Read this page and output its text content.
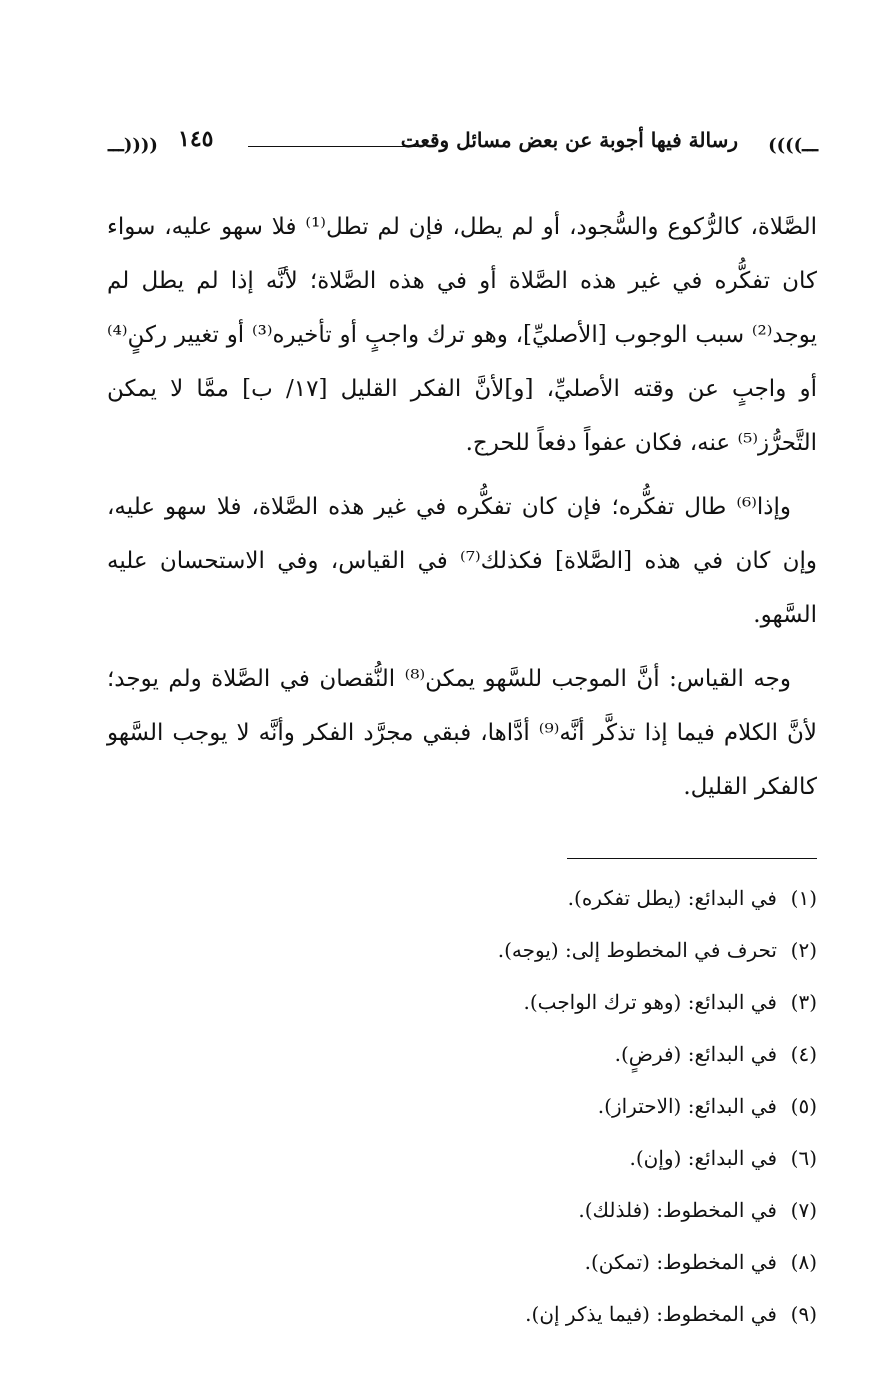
ـــ))))
رسالة فيها أجوبة عن بعض مسائل وقعت
١٤٥
((((ـــ

الصَّلاة، كالرُّكوع والسُّجود، أو لم يطل، فإن لم تطل⁽¹⁾ فلا سهو عليه، سواء كان تفكُّره في غير هذه الصَّلاة أو في هذه الصَّلاة؛ لأنَّه إذا لم يطل لم يوجد⁽²⁾ سبب الوجوب [الأصليِّ]، وهو ترك واجبٍ أو تأخيره⁽³⁾ أو تغيير ركنٍ⁽⁴⁾ أو واجبٍ عن وقته الأصليِّ، [و]لأنَّ الفكر القليل [١٧/ ب] ممَّا لا يمكن التَّحرُّز⁽⁵⁾ عنه، فكان عفواً دفعاً للحرج.

وإذا⁽⁶⁾ طال تفكُّره؛ فإن كان تفكُّره في غير هذه الصَّلاة، فلا سهو عليه، وإن كان في هذه [الصَّلاة] فكذلك⁽⁷⁾ في القياس، وفي الاستحسان عليه السَّهو.

وجه القياس: أنَّ الموجب للسَّهو يمكن⁽⁸⁾ النُّقصان في الصَّلاة ولم يوجد؛ لأنَّ الكلام فيما إذا تذكَّر أنَّه⁽⁹⁾ أدَّاها، فبقي مجرَّد الفكر وأنَّه لا يوجب السَّهو كالفكر القليل.

(١)في البدائع: (يطل تفكره).

(٢)تحرف في المخطوط إلى: (يوجه).

(٣)في البدائع: (وهو ترك الواجب).

(٤)في البدائع: (فرضٍ).

(٥)في البدائع: (الاحتراز).

(٦)في البدائع: (وإن).

(٧)في المخطوط: (فلذلك).

(٨)في المخطوط: (تمكن).

(٩)في المخطوط: (فيما يذكر إن).
